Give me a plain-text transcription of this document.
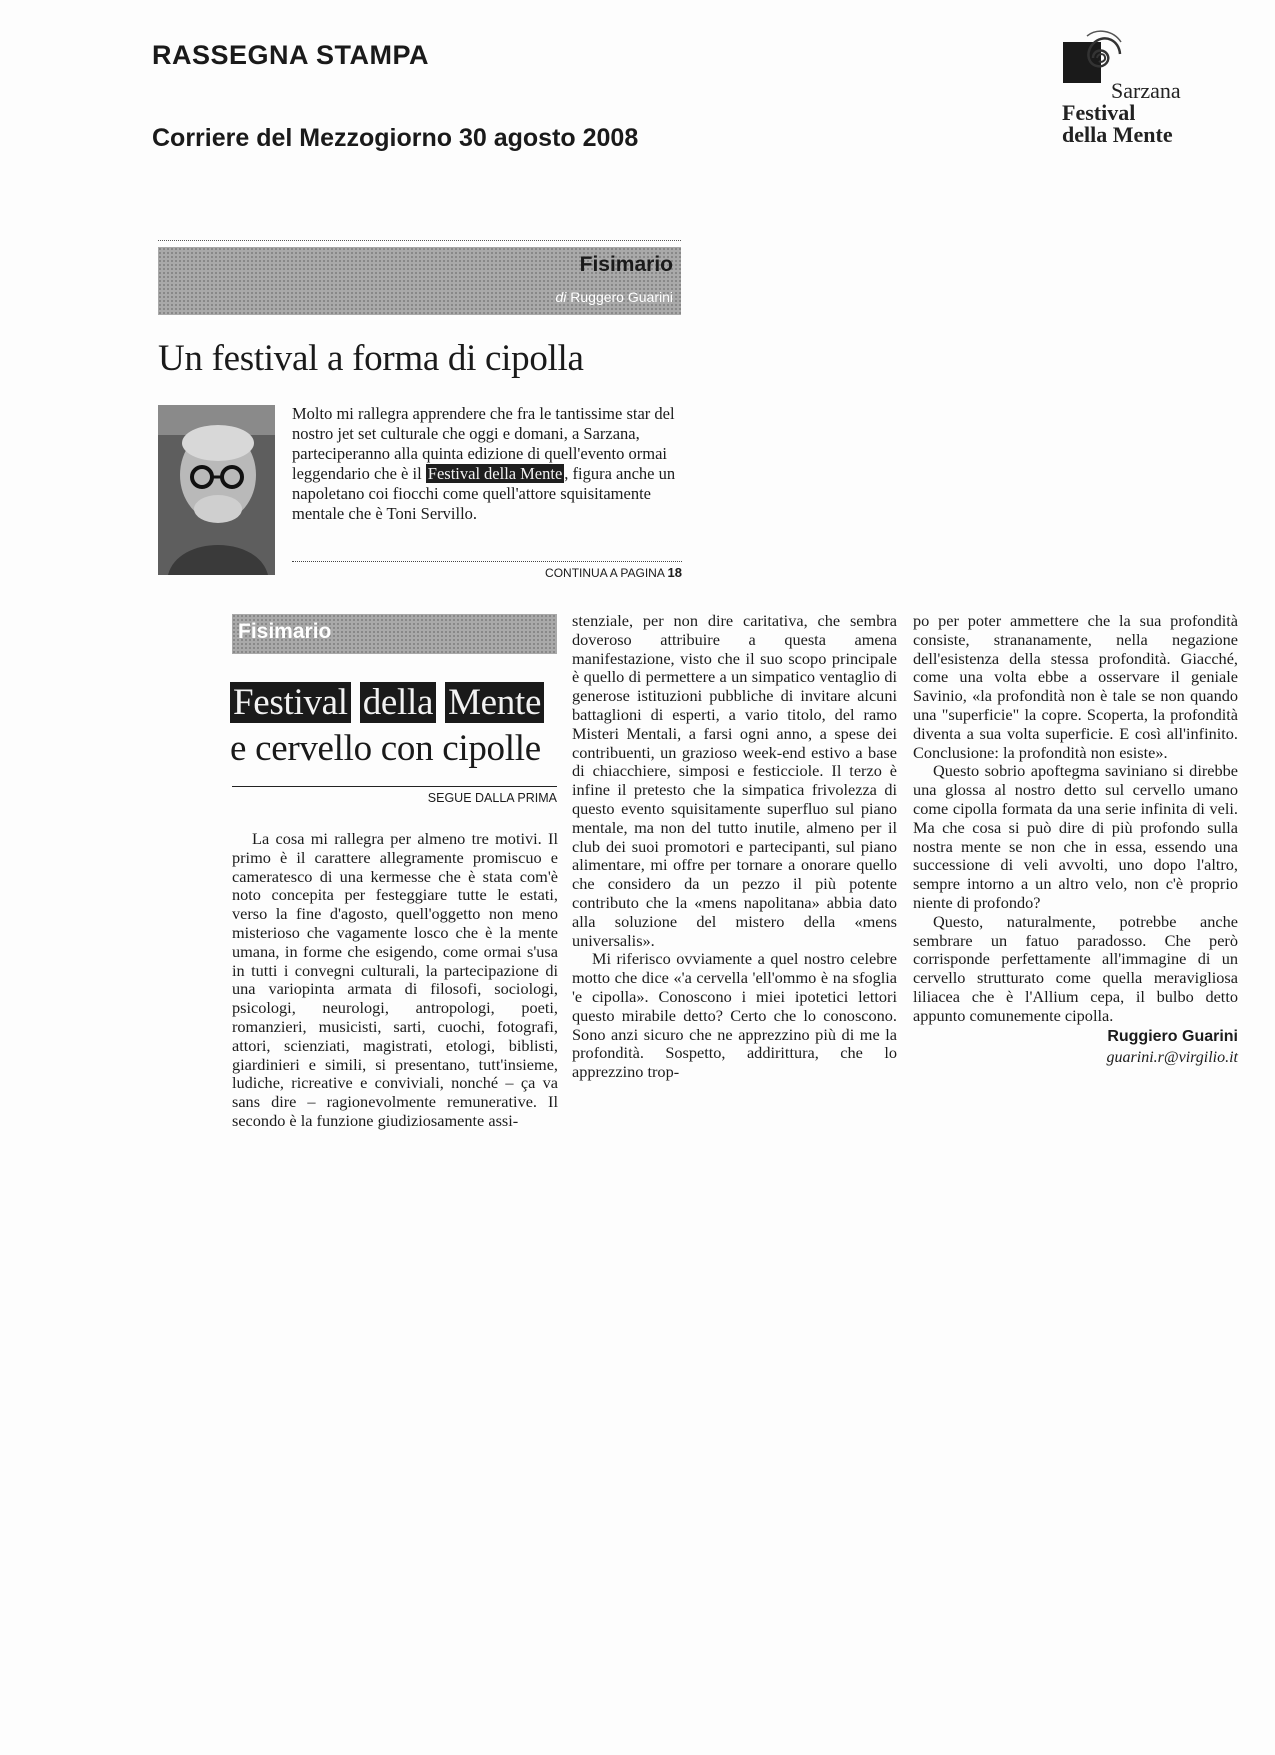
RASSEGNA STAMPA
Corriere del Mezzogiorno 30 agosto 2008
Sarzana
Festival
della Mente
Fisimario
di Ruggero Guarini
Un festival a forma di cipolla
Molto mi rallegra apprendere che fra le tantissime star del nostro jet set culturale che oggi e domani, a Sarzana, parteciperanno alla quinta edizione di quell'evento ormai leggendario che è il Festival della Mente , figura anche un napoletano coi fiocchi come quell'attore squisitamente mentale che è Toni Servillo.
CONTINUA A PAGINA 18
Fisimario
Festival della Mente
e cervello con cipolle
SEGUE DALLA PRIMA

La cosa mi rallegra per almeno tre motivi. Il primo è il carattere allegramente promiscuo e cameratesco di una kermesse che è stata com'è noto concepita per festeggiare tutte le estati, verso la fine d'agosto, quell'oggetto non meno misterioso che vagamente losco che è la mente umana, in forme che esigendo, come ormai s'usa in tutti i convegni culturali, la partecipazione di una variopinta armata di filosofi, sociologi, psicologi, neurologi, antropologi, poeti, romanzieri, musicisti, sarti, cuochi, fotografi, attori, scienziati, magistrati, etologi, biblisti, giardinieri e simili, si presentano, tutt'insieme, ludiche, ricreative e conviviali, nonché – ça va sans dire – ragionevolmente remunerative. Il secondo è la funzione giudiziosamente assi-

stenziale, per non dire caritativa, che sembra doveroso attribuire a questa amena manifestazione, visto che il suo scopo principale è quello di permettere a un simpatico ventaglio di generose istituzioni pubbliche di invitare alcuni battaglioni di esperti, a vario titolo, del ramo Misteri Mentali, a farsi ogni anno, a spese dei contribuenti, un grazioso week-end estivo a base di chiacchiere, simposi e festicciole. Il terzo è infine il pretesto che la simpatica frivolezza di questo evento squisitamente superfluo sul piano mentale, ma non del tutto inutile, almeno per il club dei suoi promotori e partecipanti, sul piano alimentare, mi offre per tornare a onorare quello che considero da un pezzo il più potente contributo che la «mens napolitana» abbia dato alla soluzione del mistero della «mens universalis».

Mi riferisco ovviamente a quel nostro celebre motto che dice «'a cervella 'ell'ommo è na sfoglia 'e cipolla». Conoscono i miei ipotetici lettori questo mirabile detto? Certo che lo conoscono. Sono anzi sicuro che ne apprezzino più di me la profondità. Sospetto, addirittura, che lo apprezzino trop-

po per poter ammettere che la sua profondità consiste, strananamente, nella negazione dell'esistenza della stessa profondità. Giacché, come una volta ebbe a osservare il geniale Savinio, «la profondità non è tale se non quando una "superficie" la copre. Scoperta, la profondità diventa a sua volta superficie. E così all'infinito. Conclusione: la profondità non esiste».

Questo sobrio apoftegma saviniano si direbbe una glossa al nostro detto sul cervello umano come cipolla formata da una serie infinita di veli. Ma che cosa si può dire di più profondo sulla nostra mente se non che in essa, essendo una successione di veli avvolti, uno dopo l'altro, sempre intorno a un altro velo, non c'è proprio niente di profondo?

Questo, naturalmente, potrebbe anche sembrare un fatuo paradosso. Che però corrisponde perfettamente all'immagine di un cervello strutturato come quella meravigliosa liliacea che è l'Allium cepa, il bulbo detto appunto comunemente cipolla.

Ruggiero Guarini
guarini.r@virgilio.it
